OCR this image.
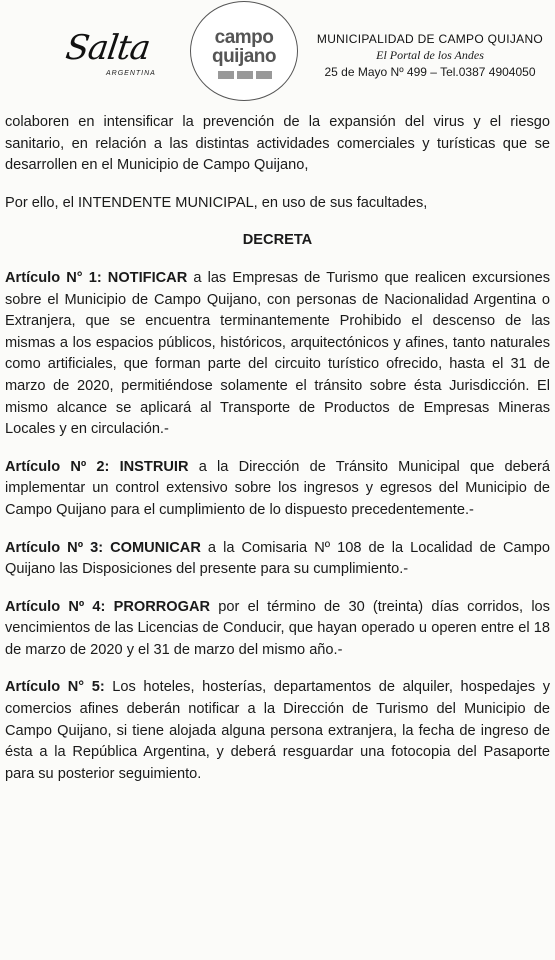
Salta
ARGENTINA
campo
quijano
MUNICIPALIDAD DE CAMPO QUIJANO
El Portal de los Andes
25 de Mayo Nº 499 – Tel.0387 4904050

colaboren en intensificar la prevención de la expansión del virus y el riesgo sanitario, en relación a las distintas actividades comerciales y turísticas que se desarrollen en el Municipio de Campo Quijano,

Por ello, el INTENDENTE MUNICIPAL, en uso de sus facultades,

DECRETA

Artículo N° 1: NOTIFICAR a las Empresas de Turismo que realicen excursiones sobre el Municipio de Campo Quijano, con personas de Nacionalidad Argentina o Extranjera, que se encuentra terminantemente Prohibido el descenso de las mismas a los espacios públicos, históricos, arquitectónicos y afines, tanto naturales como artificiales, que forman parte del circuito turístico ofrecido, hasta el 31 de marzo de 2020, permitiéndose solamente el tránsito sobre ésta Jurisdicción. El mismo alcance se aplicará al Transporte de Productos de Empresas Mineras Locales y en circulación.-

Artículo Nº 2: INSTRUIR a la Dirección de Tránsito Municipal que deberá implementar un control extensivo sobre los ingresos y egresos del Municipio de Campo Quijano para el cumplimiento de lo dispuesto precedentemente.-

Artículo Nº 3: COMUNICAR a la Comisaria Nº 108 de la Localidad de Campo Quijano las Disposiciones del presente para su cumplimiento.-

Artículo Nº 4: PRORROGAR por el término de 30 (treinta) días corridos, los vencimientos de las Licencias de Conducir, que hayan operado u operen entre el 18 de marzo de 2020 y el 31 de marzo del mismo año.-

Artículo N° 5: Los hoteles, hosterías, departamentos de alquiler, hospedajes y comercios afines deberán notificar a la Dirección de Turismo del Municipio de Campo Quijano, si tiene alojada alguna persona extranjera, la fecha de ingreso de ésta a la República Argentina, y deberá resguardar una fotocopia del Pasaporte para su posterior seguimiento.
